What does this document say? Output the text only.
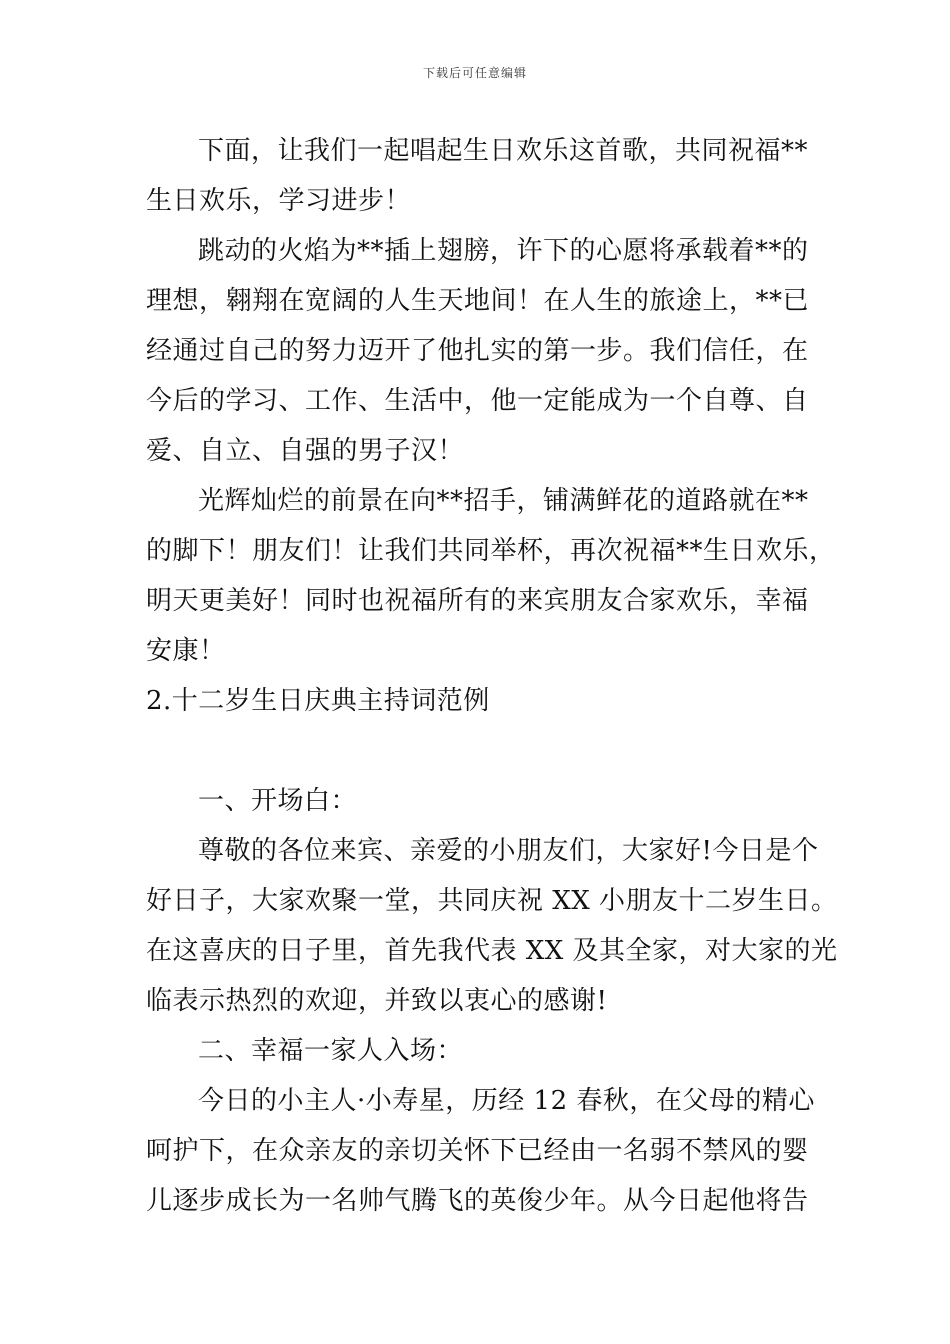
下载后可任意编辑
下面，让我们一起唱起生日欢乐这首歌，共同祝福**
生日欢乐，学习进步！
跳动的火焰为**插上翅膀，许下的心愿将承载着**的
理想，翱翔在宽阔的人生天地间！在人生的旅途上，**已
经通过自己的努力迈开了他扎实的第一步。我们信任，在
今后的学习、工作、生活中，他一定能成为一个自尊、自
爱、自立、自强的男子汉！
光辉灿烂的前景在向**招手，铺满鲜花的道路就在**
的脚下！朋友们！让我们共同举杯，再次祝福**生日欢乐，
明天更美好！同时也祝福所有的来宾朋友合家欢乐，幸福
安康！
2.十二岁生日庆典主持词范例
一、开场白：
尊敬的各位来宾、亲爱的小朋友们，大家好!今日是个
好日子，大家欢聚一堂，共同庆祝 XX 小朋友十二岁生日。
在这喜庆的日子里，首先我代表 XX 及其全家，对大家的光
临表示热烈的欢迎，并致以衷心的感谢!
二、幸福一家人入场：
今日的小主人·小寿星，历经 12 春秋，在父母的精心
呵护下，在众亲友的亲切关怀下已经由一名弱不禁风的婴
儿逐步成长为一名帅气腾飞的英俊少年。从今日起他将告
